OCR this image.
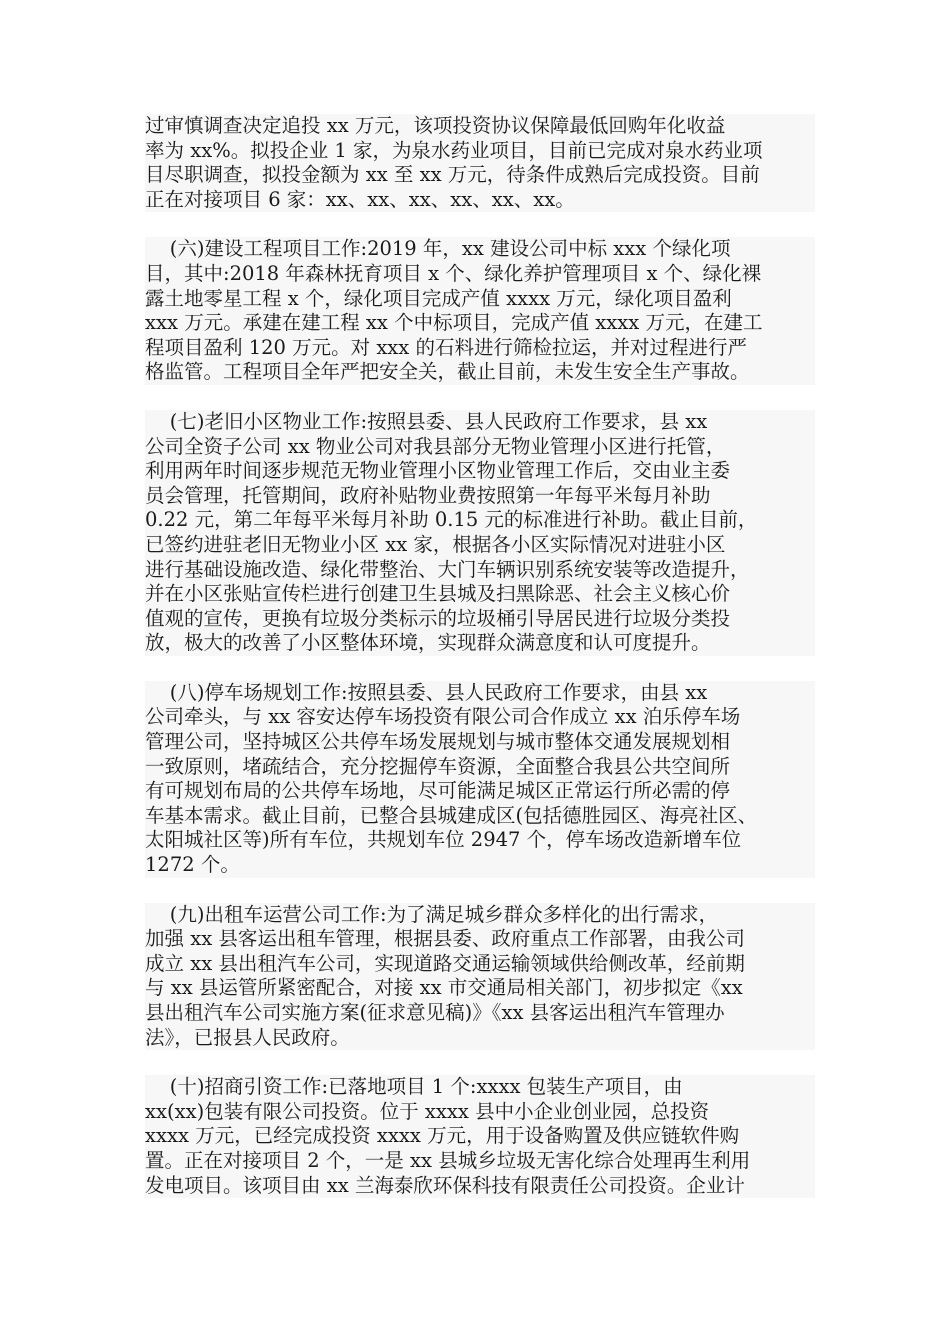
过审慎调查决定追投 xx 万元，该项投资协议保障最低回购年化收益
率为 xx%。拟投企业 1 家，为泉水药业项目，目前已完成对泉水药业项
目尽职调查，拟投金额为 xx 至 xx 万元，待条件成熟后完成投资。目前
正在对接项目 6 家：xx、xx、xx、xx、xx、xx。
(六)建设工程项目工作:2019 年，xx 建设公司中标 xxx 个绿化项
目，其中:2018 年森林抚育项目 x 个、绿化养护管理项目 x 个、绿化裸
露土地零星工程 x 个，绿化项目完成产值 xxxx 万元，绿化项目盈利
xxx 万元。承建在建工程 xx 个中标项目，完成产值 xxxx 万元，在建工
程项目盈利 120 万元。对 xxx 的石料进行筛检拉运，并对过程进行严
格监管。工程项目全年严把安全关，截止目前，未发生安全生产事故。
(七)老旧小区物业工作:按照县委、县人民政府工作要求，县 xx
公司全资子公司 xx 物业公司对我县部分无物业管理小区进行托管，
利用两年时间逐步规范无物业管理小区物业管理工作后，交由业主委
员会管理，托管期间，政府补贴物业费按照第一年每平米每月补助
0.22 元，第二年每平米每月补助 0.15 元的标准进行补助。截止目前，
已签约进驻老旧无物业小区 xx 家，根据各小区实际情况对进驻小区
进行基础设施改造、绿化带整治、大门车辆识别系统安装等改造提升，
并在小区张贴宣传栏进行创建卫生县城及扫黑除恶、社会主义核心价
值观的宣传，更换有垃圾分类标示的垃圾桶引导居民进行垃圾分类投
放，极大的改善了小区整体环境，实现群众满意度和认可度提升。
(八)停车场规划工作:按照县委、县人民政府工作要求，由县 xx
公司牵头，与 xx 容安达停车场投资有限公司合作成立 xx 泊乐停车场
管理公司，坚持城区公共停车场发展规划与城市整体交通发展规划相
一致原则，堵疏结合，充分挖掘停车资源，全面整合我县公共空间所
有可规划布局的公共停车场地，尽可能满足城区正常运行所必需的停
车基本需求。截止目前，已整合县城建成区(包括德胜园区、海亮社区、
太阳城社区等)所有车位，共规划车位 2947 个，停车场改造新增车位
1272 个。
(九)出租车运营公司工作:为了满足城乡群众多样化的出行需求，
加强 xx 县客运出租车管理，根据县委、政府重点工作部署，由我公司
成立 xx 县出租汽车公司，实现道路交通运输领域供给侧改革，经前期
与 xx 县运管所紧密配合，对接 xx 市交通局相关部门，初步拟定《xx
县出租汽车公司实施方案(征求意见稿)》《xx 县客运出租汽车管理办
法》，已报县人民政府。
(十)招商引资工作:已落地项目 1 个:xxxx 包装生产项目，由
xx(xx)包装有限公司投资。位于 xxxx 县中小企业创业园，总投资
xxxx 万元，已经完成投资 xxxx 万元，用于设备购置及供应链软件购
置。正在对接项目 2 个，一是 xx 县城乡垃圾无害化综合处理再生利用
发电项目。该项目由 xx 兰海泰欣环保科技有限责任公司投资。企业计
